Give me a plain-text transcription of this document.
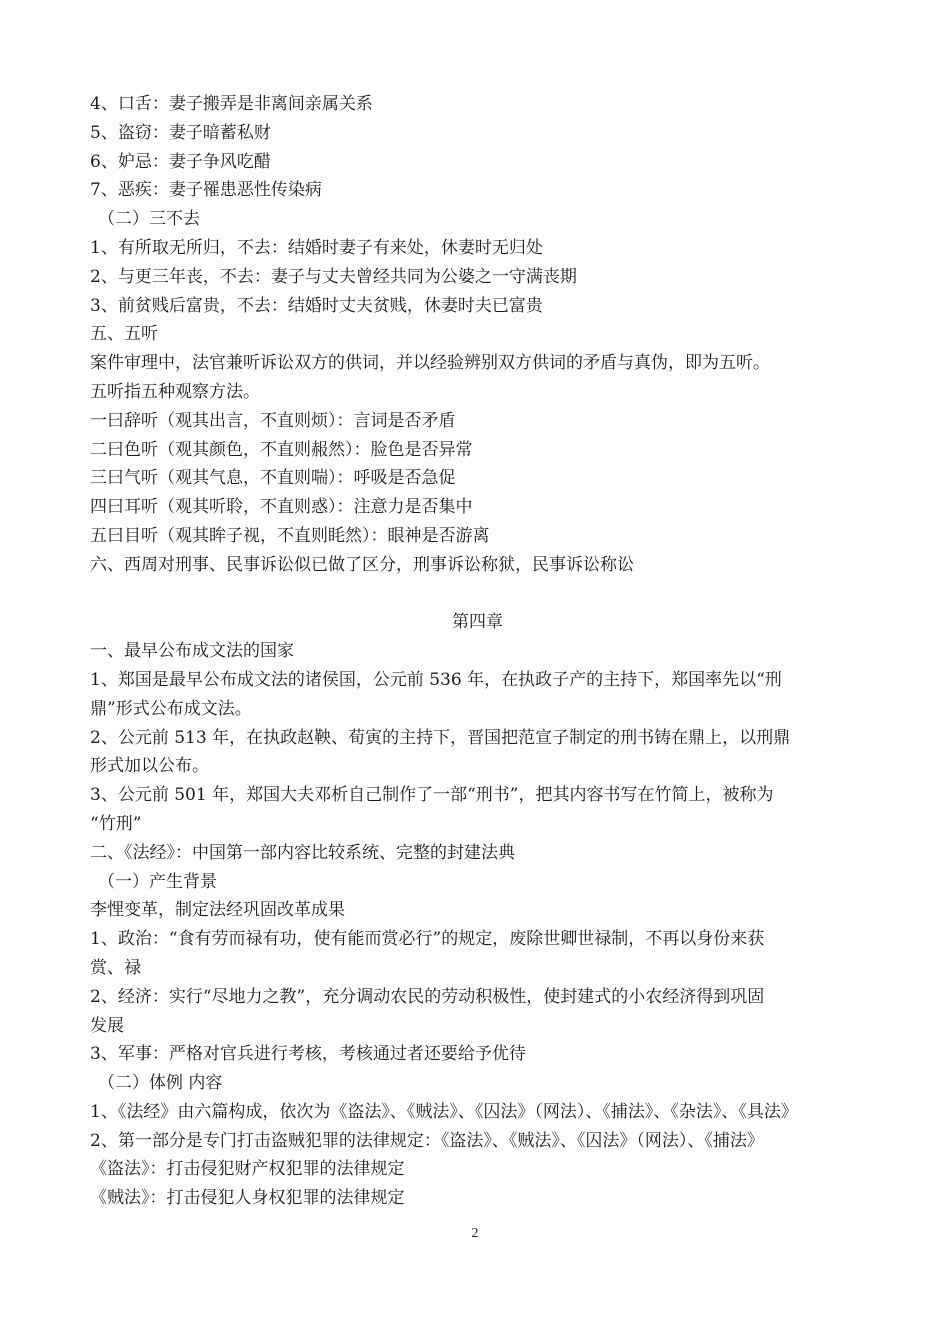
4、口舌：妻子搬弄是非离间亲属关系

5、盗窃：妻子暗蓄私财

6、妒忌：妻子争风吃醋

7、恶疾：妻子罹患恶性传染病

（二）三不去

1、有所取无所归，不去：结婚时妻子有来处，休妻时无归处

2、与更三年丧，不去：妻子与丈夫曾经共同为公婆之一守满丧期

3、前贫贱后富贵，不去：结婚时丈夫贫贱，休妻时夫已富贵

五、五听

案件审理中，法官兼听诉讼双方的供词，并以经验辨别双方供词的矛盾与真伪，即为五听。

五听指五种观察方法。

一曰辞听（观其出言，不直则烦）：言词是否矛盾

二曰色听（观其颜色，不直则赧然）：脸色是否异常

三曰气听（观其气息，不直则喘）：呼吸是否急促

四曰耳听（观其听聆，不直则惑）：注意力是否集中

五曰目听（观其眸子视，不直则眊然）：眼神是否游离

六、西周对刑事、民事诉讼似已做了区分，刑事诉讼称狱，民事诉讼称讼

第四章

一、最早公布成文法的国家

1、郑国是最早公布成文法的诸侯国，公元前 536 年，在执政子产的主持下，郑国率先以“刑

鼎”形式公布成文法。

2、公元前 513 年，在执政赵鞅、荀寅的主持下，晋国把范宣子制定的刑书铸在鼎上，以刑鼎

形式加以公布。

3、公元前 501 年，郑国大夫邓析自己制作了一部“刑书”，把其内容书写在竹简上，被称为

“竹刑”

二、《法经》：中国第一部内容比较系统、完整的封建法典

（一）产生背景

李悝变革，制定法经巩固改革成果

1、政治：“食有劳而禄有功，使有能而赏必行”的规定，废除世卿世禄制，不再以身份来获

赏、禄

2、经济：实行“尽地力之教”，充分调动农民的劳动积极性，使封建式的小农经济得到巩固

发展

3、军事：严格对官兵进行考核，考核通过者还要给予优待

（二）体例 内容

1、《法经》由六篇构成，依次为《盗法》、《贼法》、《囚法》（网法）、《捕法》、《杂法》、《具法》

2、第一部分是专门打击盗贼犯罪的法律规定：《盗法》、《贼法》、《囚法》（网法）、《捕法》

《盗法》：打击侵犯财产权犯罪的法律规定

《贼法》：打击侵犯人身权犯罪的法律规定

2
